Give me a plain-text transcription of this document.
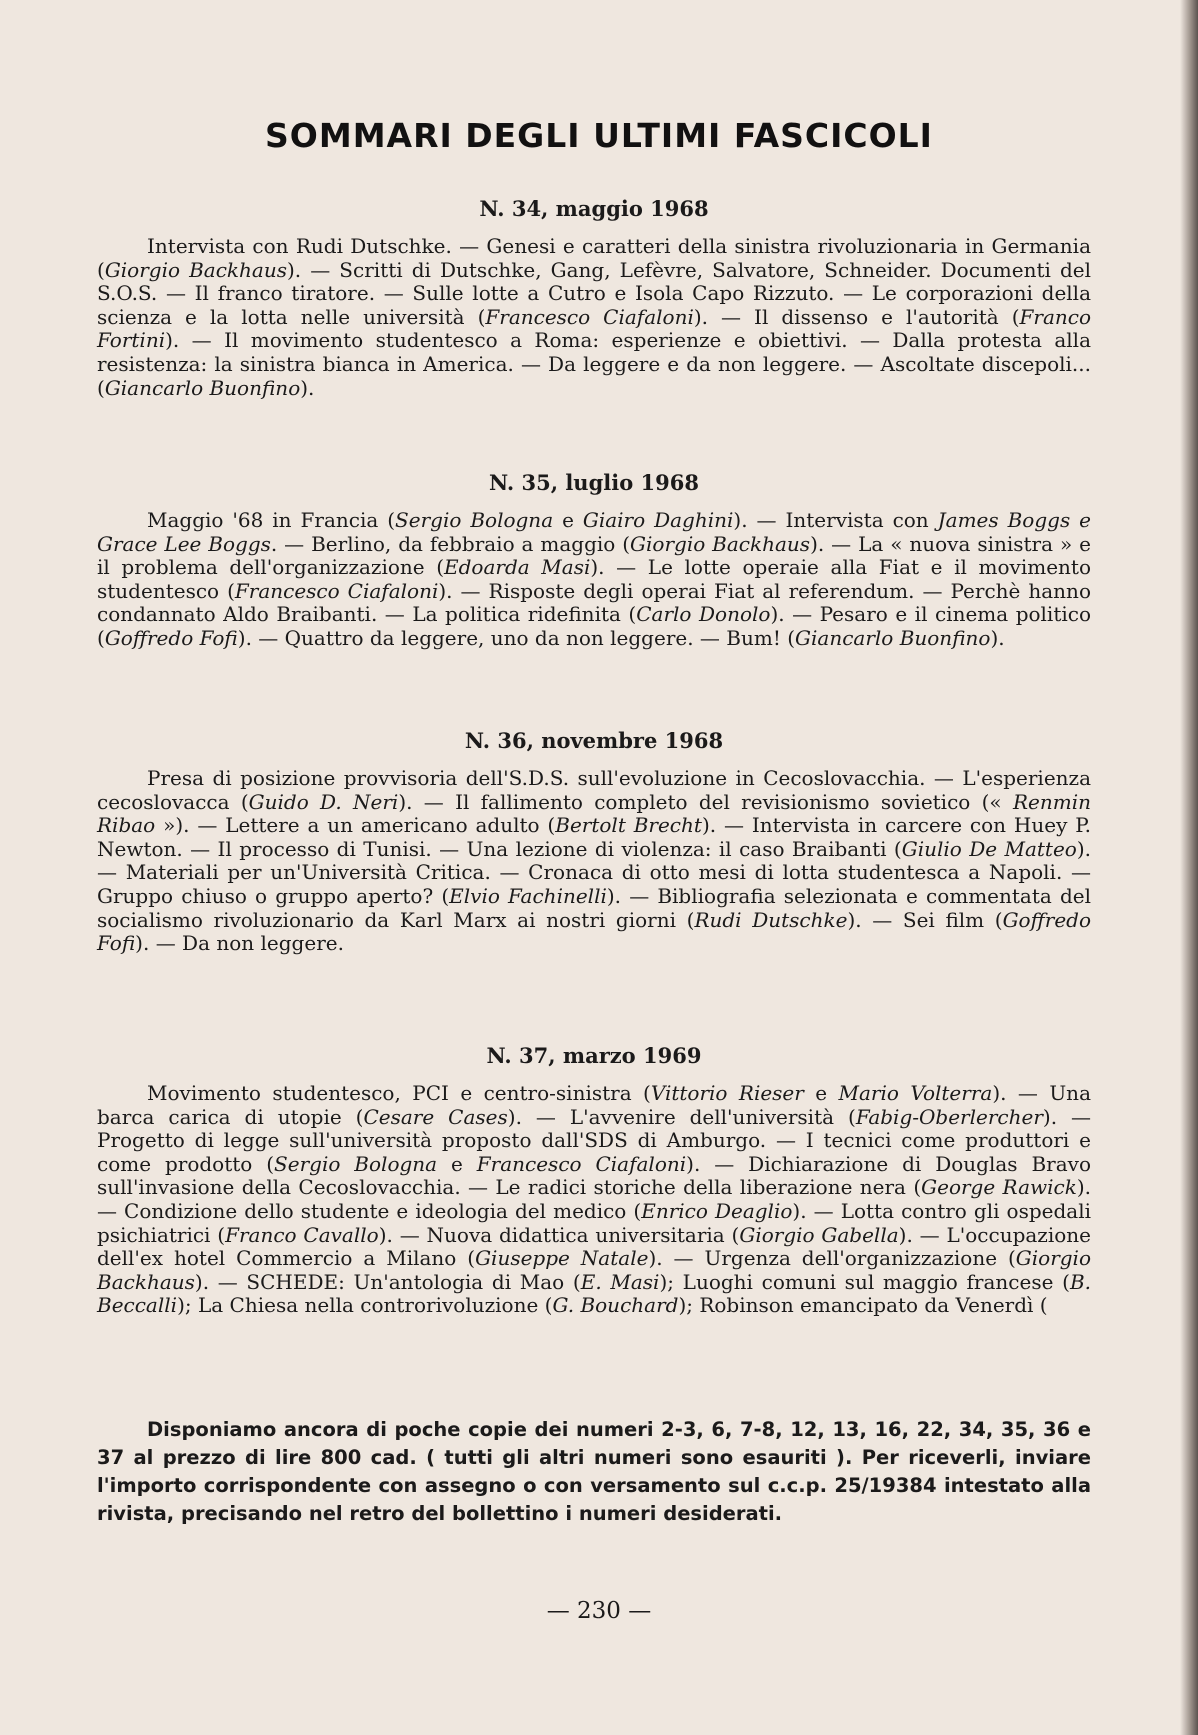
SOMMARI DEGLI ULTIMI FASCICOLI
N. 34, maggio 1968

Intervista con Rudi Dutschke. — Genesi e caratteri della sinistra rivoluzionaria in Germania (Giorgio Backhaus). — Scritti di Dutschke, Gang, Lefèvre, Salvatore, Schneider. Documenti del S.O.S. — Il franco tiratore. — Sulle lotte a Cutro e Isola Capo Rizzuto. — Le corporazioni della scienza e la lotta nelle università (Francesco Ciafaloni). — Il dissenso e l'autorità (Franco Fortini). — Il movimento studentesco a Roma: esperienze e obiettivi. — Dalla protesta alla resistenza: la sinistra bianca in America. — Da leggere e da non leggere. — Ascoltate discepoli... (Giancarlo Buonfino).

N. 35, luglio 1968

Maggio '68 in Francia (Sergio Bologna e Giairo Daghini). — Intervista con James Boggs e Grace Lee Boggs. — Berlino, da febbraio a maggio (Giorgio Backhaus). — La « nuova sinistra » e il problema dell'organizzazione (Edoarda Masi). — Le lotte operaie alla Fiat e il movimento studentesco (Francesco Ciafaloni). — Risposte degli operai Fiat al referendum. — Perchè hanno condannato Aldo Braibanti. — La politica ridefinita (Carlo Donolo). — Pesaro e il cinema politico (Goffredo Fofi). — Quattro da leggere, uno da non leggere. — Bum! (Giancarlo Buonfino).

N. 36, novembre 1968

Presa di posizione provvisoria dell'S.D.S. sull'evoluzione in Cecoslovacchia. — L'esperienza cecoslovacca (Guido D. Neri). — Il fallimento completo del revisionismo sovietico (« Renmin Ribao »). — Lettere a un americano adulto (Bertolt Brecht). — Intervista in carcere con Huey P. Newton. — Il processo di Tunisi. — Una lezione di violenza: il caso Braibanti (Giulio De Matteo). — Materiali per un'Università Critica. — Cronaca di otto mesi di lotta studentesca a Napoli. — Gruppo chiuso o gruppo aperto? (Elvio Fachinelli). — Bibliografia selezionata e commentata del socialismo rivoluzionario da Karl Marx ai nostri giorni (Rudi Dutschke). — Sei film (Goffredo Fofi). — Da non leggere.

N. 37, marzo 1969

Movimento studentesco, PCI e centro-sinistra (Vittorio Rieser e Mario Volterra). — Una barca carica di utopie (Cesare Cases). — L'avvenire dell'università (Fabig-Oberlercher). — Progetto di legge sull'università proposto dall'SDS di Amburgo. — I tecnici come produttori e come prodotto (Sergio Bologna e Francesco Ciafaloni). — Dichiarazione di Douglas Bravo sull'invasione della Cecoslovacchia. — Le radici storiche della liberazione nera (George Rawick). — Condizione dello studente e ideologia del medico (Enrico Deaglio). — Lotta contro gli ospedali psichiatrici (Franco Cavallo). — Nuova didattica universitaria (Giorgio Gabella). — L'occupazione dell'ex hotel Commercio a Milano (Giuseppe Natale). — Urgenza dell'organizzazione (Giorgio Backhaus). — SCHEDE: Un'antologia di Mao (E. Masi); Luoghi comuni sul maggio francese (B. Beccalli); La Chiesa nella controrivoluzione (G. Bouchard); Robinson emancipato da Venerdì (

Disponiamo ancora di poche copie dei numeri 2-3, 6, 7-8, 12, 13, 16, 22, 34, 35, 36 e 37 al prezzo di lire 800 cad. ( tutti gli altri numeri sono esauriti ). Per riceverli, inviare l'importo corrispondente con assegno o con versamento sul c.c.p. 25/19384 intestato alla rivista, precisando nel retro del bollettino i numeri desiderati.

— 230 —
